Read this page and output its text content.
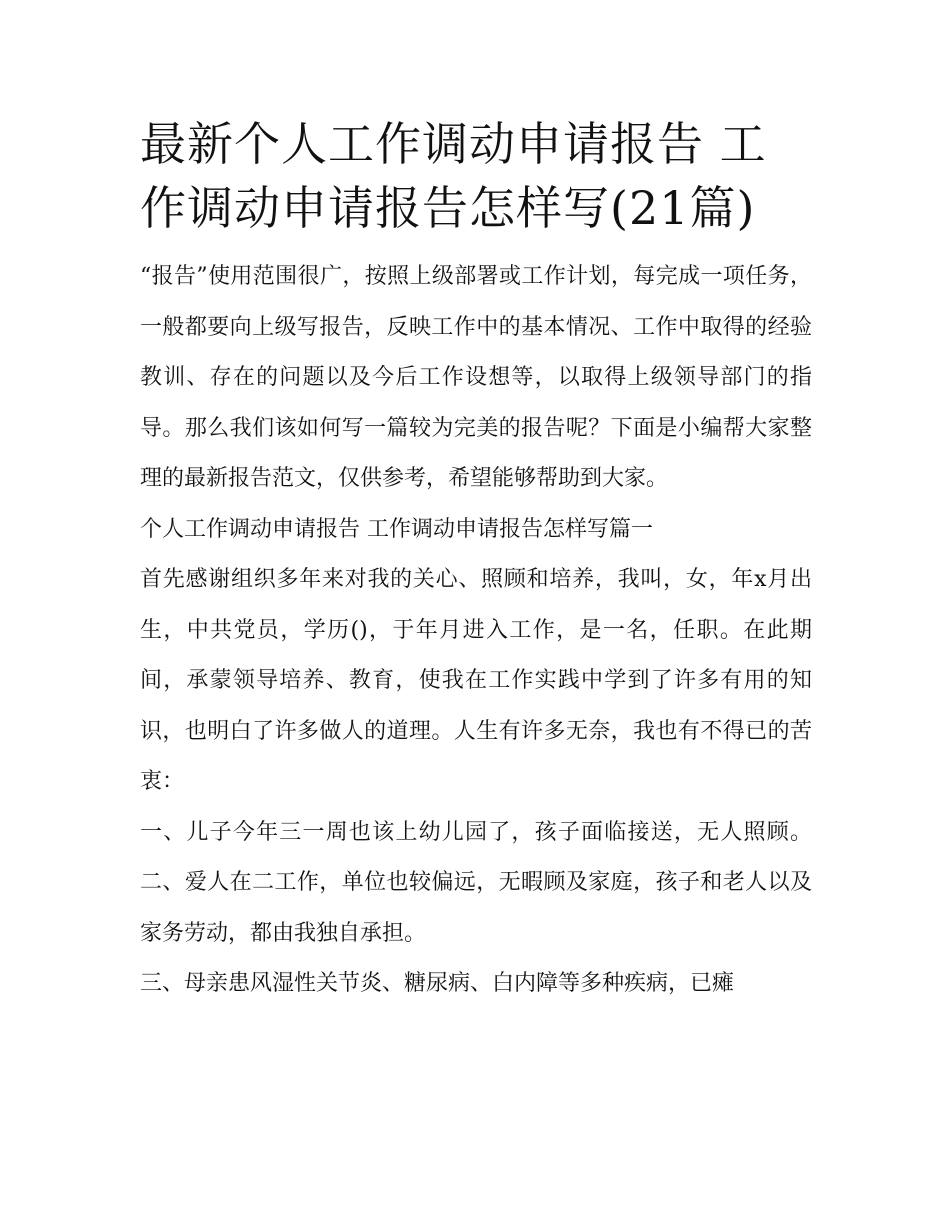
最新个人工作调动申请报告 工作调动申请报告怎样写(21篇)

“报告”使用范围很广，按照上级部署或工作计划，每完成一项任务，一般都要向上级写报告，反映工作中的基本情况、工作中取得的经验教训、存在的问题以及今后工作设想等，以取得上级领导部门的指导。那么我们该如何写一篇较为完美的报告呢？下面是小编帮大家整理的最新报告范文，仅供参考，希望能够帮助到大家。

个人工作调动申请报告 工作调动申请报告怎样写篇一

首先感谢组织多年来对我的关心、照顾和培养，我叫，女，年x月出生，中共党员，学历()，于年月进入工作，是一名，任职。在此期间，承蒙领导培养、教育，使我在工作实践中学到了许多有用的知识，也明白了许多做人的道理。人生有许多无奈，我也有不得已的苦衷：

一、儿子今年三一周也该上幼儿园了，孩子面临接送，无人照顾。 二、爱人在二工作，单位也较偏远，无暇顾及家庭，孩子和老人以及家务劳动，都由我独自承担。

三、母亲患风湿性关节炎、糖尿病、白内障等多种疾病，已瘫
